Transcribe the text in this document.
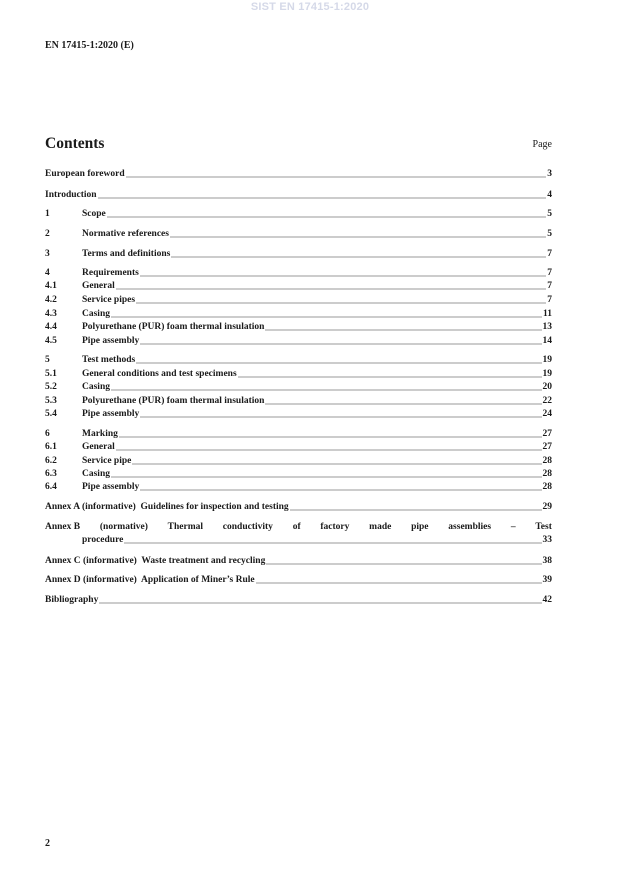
SIST EN 17415-1:2020
EN 17415-1:2020 (E)
Contents	Page
European foreword	3
Introduction	4
1	Scope	5
2	Normative references	5
3	Terms and definitions	7
4	Requirements	7
4.1	General	7
4.2	Service pipes	7
4.3	Casing	11
4.4	Polyurethane (PUR) foam thermal insulation	13
4.5	Pipe assembly	14
5	Test methods	19
5.1	General conditions and test specimens	19
5.2	Casing	20
5.3	Polyurethane (PUR) foam thermal insulation	22
5.4	Pipe assembly	24
6	Marking	27
6.1	General	27
6.2	Service pipe	28
6.3	Casing	28
6.4	Pipe assembly	28
Annex A (informative)  Guidelines for inspection and testing	29
Annex B (normative) Thermal conductivity of factory made pipe assemblies – Test
procedure	33
Annex C (informative)  Waste treatment and recycling	38
Annex D (informative)  Application of Miner’s Rule	39
Bibliography	42
2
